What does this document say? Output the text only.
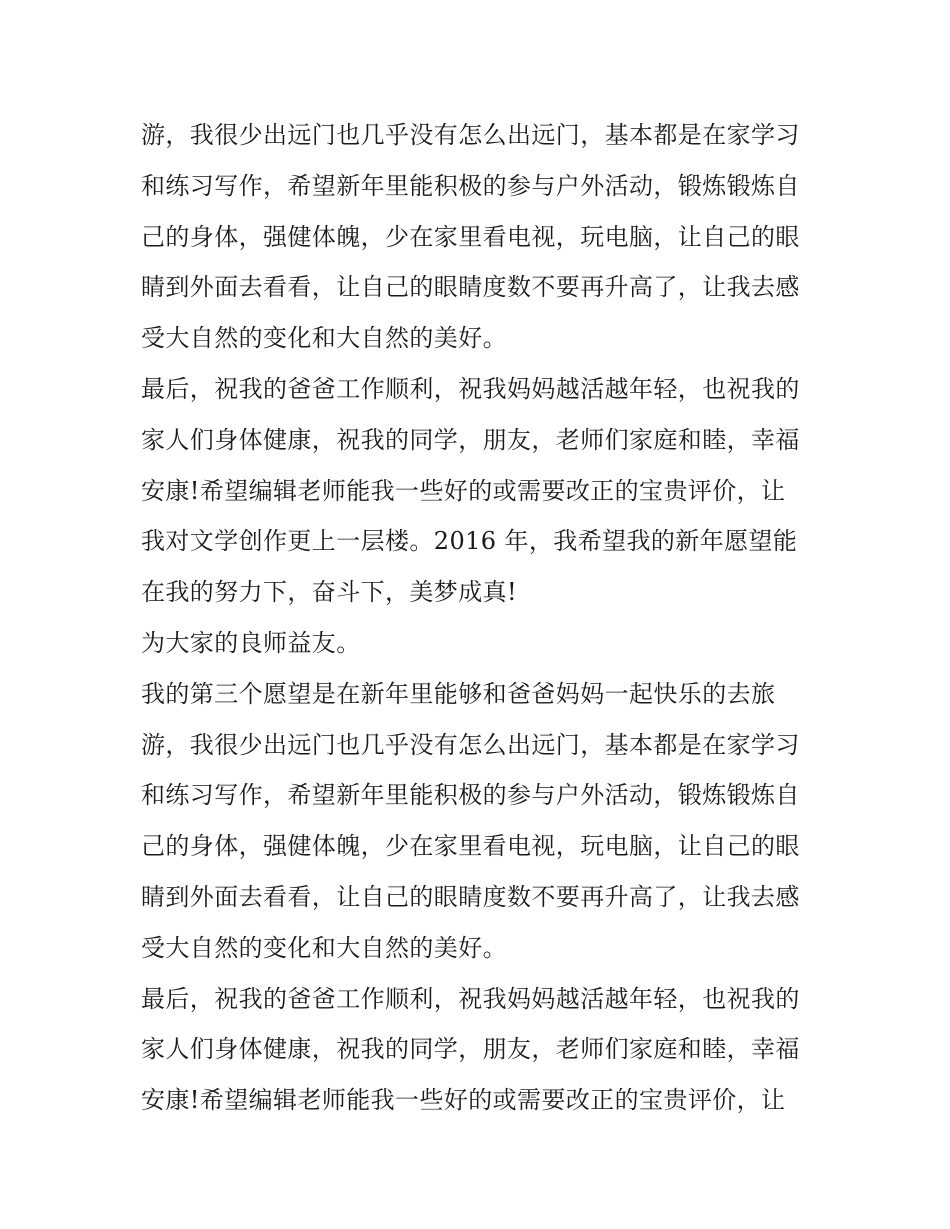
游，我很少出远门也几乎没有怎么出远门，基本都是在家学习
和练习写作，希望新年里能积极的参与户外活动，锻炼锻炼自
己的身体，强健体魄，少在家里看电视，玩电脑，让自己的眼
睛到外面去看看，让自己的眼睛度数不要再升高了，让我去感
受大自然的变化和大自然的美好。
最后，祝我的爸爸工作顺利，祝我妈妈越活越年轻，也祝我的
家人们身体健康，祝我的同学，朋友，老师们家庭和睦，幸福
安康!希望编辑老师能我一些好的或需要改正的宝贵评价，让
我对文学创作更上一层楼。2016 年，我希望我的新年愿望能
在我的努力下，奋斗下，美梦成真!
为大家的良师益友。
我的第三个愿望是在新年里能够和爸爸妈妈一起快乐的去旅
游，我很少出远门也几乎没有怎么出远门，基本都是在家学习
和练习写作，希望新年里能积极的参与户外活动，锻炼锻炼自
己的身体，强健体魄，少在家里看电视，玩电脑，让自己的眼
睛到外面去看看，让自己的眼睛度数不要再升高了，让我去感
受大自然的变化和大自然的美好。
最后，祝我的爸爸工作顺利，祝我妈妈越活越年轻，也祝我的
家人们身体健康，祝我的同学，朋友，老师们家庭和睦，幸福
安康!希望编辑老师能我一些好的或需要改正的宝贵评价，让
